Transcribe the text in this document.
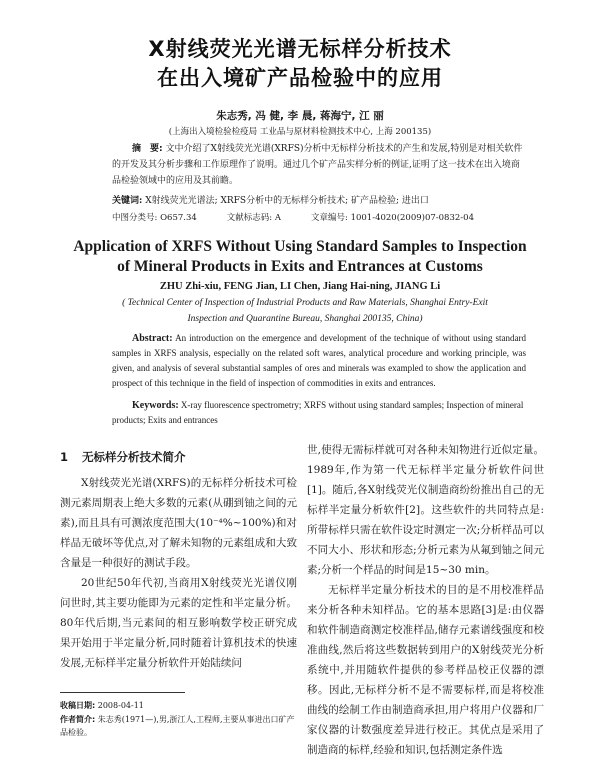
X射线荧光光谱无标样分析技术
在出入境矿产品检验中的应用
朱志秀, 冯 健, 李 晨, 蒋海宁, 江 丽
(上海出入境检验检疫局 工业品与原材料检测技术中心, 上海 200135)
摘　要: 文中介绍了X射线荧光光谱(XRFS)分析中无标样分析技术的产生和发展,特别是对相关软件的开发及其分析步骤和工作原理作了说明。通过几个矿产品实样分析的例证,证明了这一技术在出入境商品检验领域中的应用及其前瞻。
关键词: X射线荧光光谱法; XRFS分析中的无标样分析技术; 矿产品检验; 进出口
中图分类号: O657.34	文献标志码: A	文章编号: 1001-4020(2009)07-0832-04
Application of XRFS Without Using Standard Samples to Inspection
of Mineral Products in Exits and Entrances at Customs
ZHU Zhi-xiu, FENG Jian, LI Chen, Jiang Hai-ning, JIANG Li
( Technical Center of Inspection of Industrial Products and Raw Materials, Shanghai Entry-Exit Inspection and Quarantine Bureau, Shanghai 200135, China)
Abstract: An introduction on the emergence and development of the technique of without using standard samples in XRFS analysis, especially on the related soft wares, analytical procedure and working principle, was given, and analysis of several substantial samples of ores and minerals was exampled to show the application and prospect of this technique in the field of inspection of commodities in exits and entrances.
Keywords: X-ray fluorescence spectrometry; XRFS without using standard samples; Inspection of mineral products; Exits and entrances
1 无标样分析技术简介

X射线荧光光谱(XRFS)的无标样分析技术可检测元素周期表上绝大多数的元素(从硼到铀之间的元素),而且具有可测浓度范围大(10⁻⁴%~100%)和对样品无破坏等优点,对了解未知物的元素组成和大致含量是一种很好的测试手段。

20世纪50年代初,当商用X射线荧光光谱仪刚问世时,其主要功能即为元素的定性和半定量分析。80年代后期,当元素间的相互影响数学校正研究成果开始用于半定量分析,同时随着计算机技术的快速发展,无标样半定量分析软件开始陆续问

世,使得无需标样就可对各种未知物进行近似定量。1989年,作为第一代无标样半定量分析软件问世[1]。随后,各X射线荧光仪制造商纷纷推出自己的无标样半定量分析软件[2]。这些软件的共同特点是:所带标样只需在软件设定时测定一次;分析样品可以不同大小、形状和形态;分析元素为从氟到铀之间元素;分析一个样品的时间是15~30 min。

无标样半定量分析技术的目的是不用校准样品来分析各种未知样品。它的基本思路[3]是:由仪器和软件制造商测定校准样品,储存元素谱线强度和校准曲线,然后将这些数据转到用户的X射线荧光分析系统中,并用随软件提供的参考样品校正仪器的漂移。因此,无标样分析不是不需要标样,而是将校准曲线的绘制工作由制造商承担,用户将用户仪器和厂家仪器的计数强度差异进行校正。其优点是采用了制造商的标样,经验和知识,包括测定条件选

收稿日期: 2008-04-11
作者简介: 朱志秀(1971—),男,浙江人,工程师,主要从事进出口矿产品检验。
